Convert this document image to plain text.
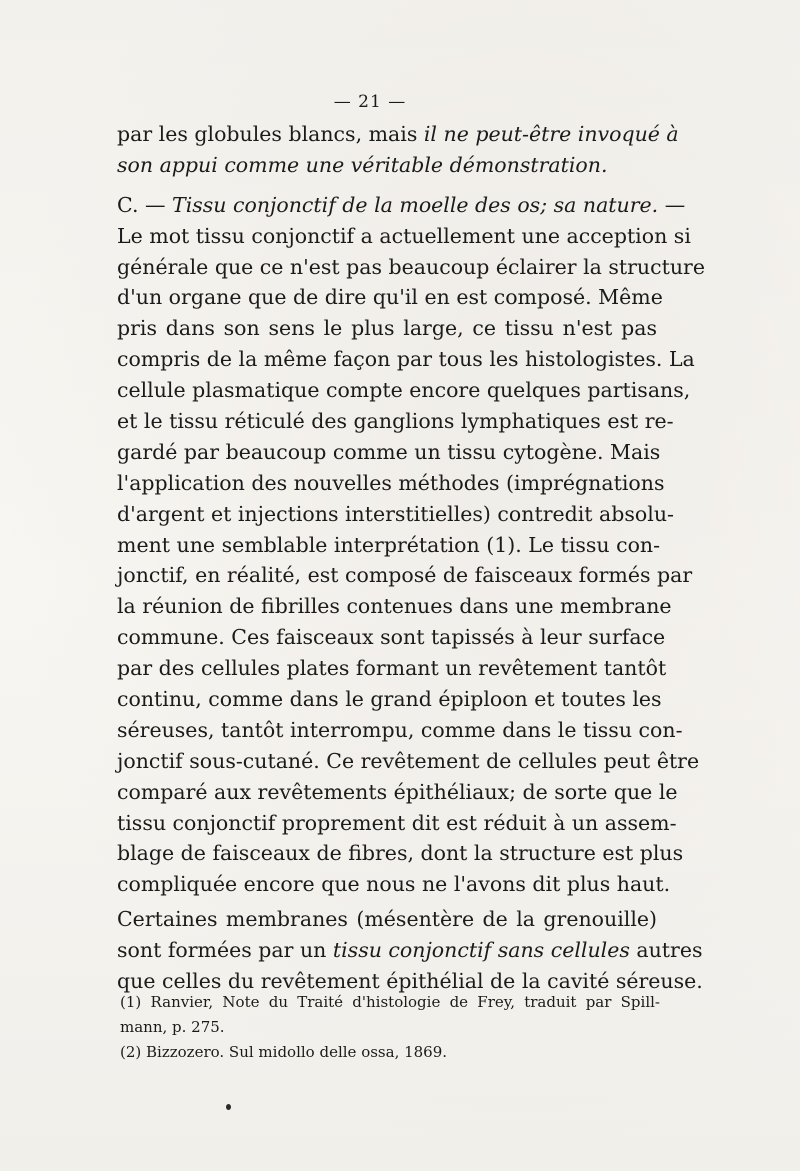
— 21 —
par les globules blancs, mais il ne peut-être invoqué à
son appui comme une véritable démonstration.
C. — Tissu conjonctif de la moelle des os; sa nature. —
Le mot tissu conjonctif a actuellement une acception si
générale que ce n'est pas beaucoup éclairer la structure
d'un organe que de dire qu'il en est composé. Même
pris dans son sens le plus large, ce tissu n'est pas
compris de la même façon par tous les histologistes. La
cellule plasmatique compte encore quelques partisans,
et le tissu réticulé des ganglions lymphatiques est re-
gardé par beaucoup comme un tissu cytogène. Mais
l'application des nouvelles méthodes (imprégnations
d'argent et injections interstitielles) contredit absolu-
ment une semblable interprétation (1). Le tissu con-
jonctif, en réalité, est composé de faisceaux formés par
la réunion de fibrilles contenues dans une membrane
commune. Ces faisceaux sont tapissés à leur surface
par des cellules plates formant un revêtement tantôt
continu, comme dans le grand épiploon et toutes les
séreuses, tantôt interrompu, comme dans le tissu con-
jonctif sous-cutané. Ce revêtement de cellules peut être
comparé aux revêtements épithéliaux; de sorte que le
tissu conjonctif proprement dit est réduit à un assem-
blage de faisceaux de fibres, dont la structure est plus
compliquée encore que nous ne l'avons dit plus haut.
Certaines membranes (mésentère de la grenouille)
sont formées par un tissu conjonctif sans cellules autres
que celles du revêtement épithélial de la cavité séreuse.
(1) Ranvier, Note du Traité d'histologie de Frey, traduit par Spill-
mann, p. 275.
(2) Bizzozero. Sul midollo delle ossa, 1869.
